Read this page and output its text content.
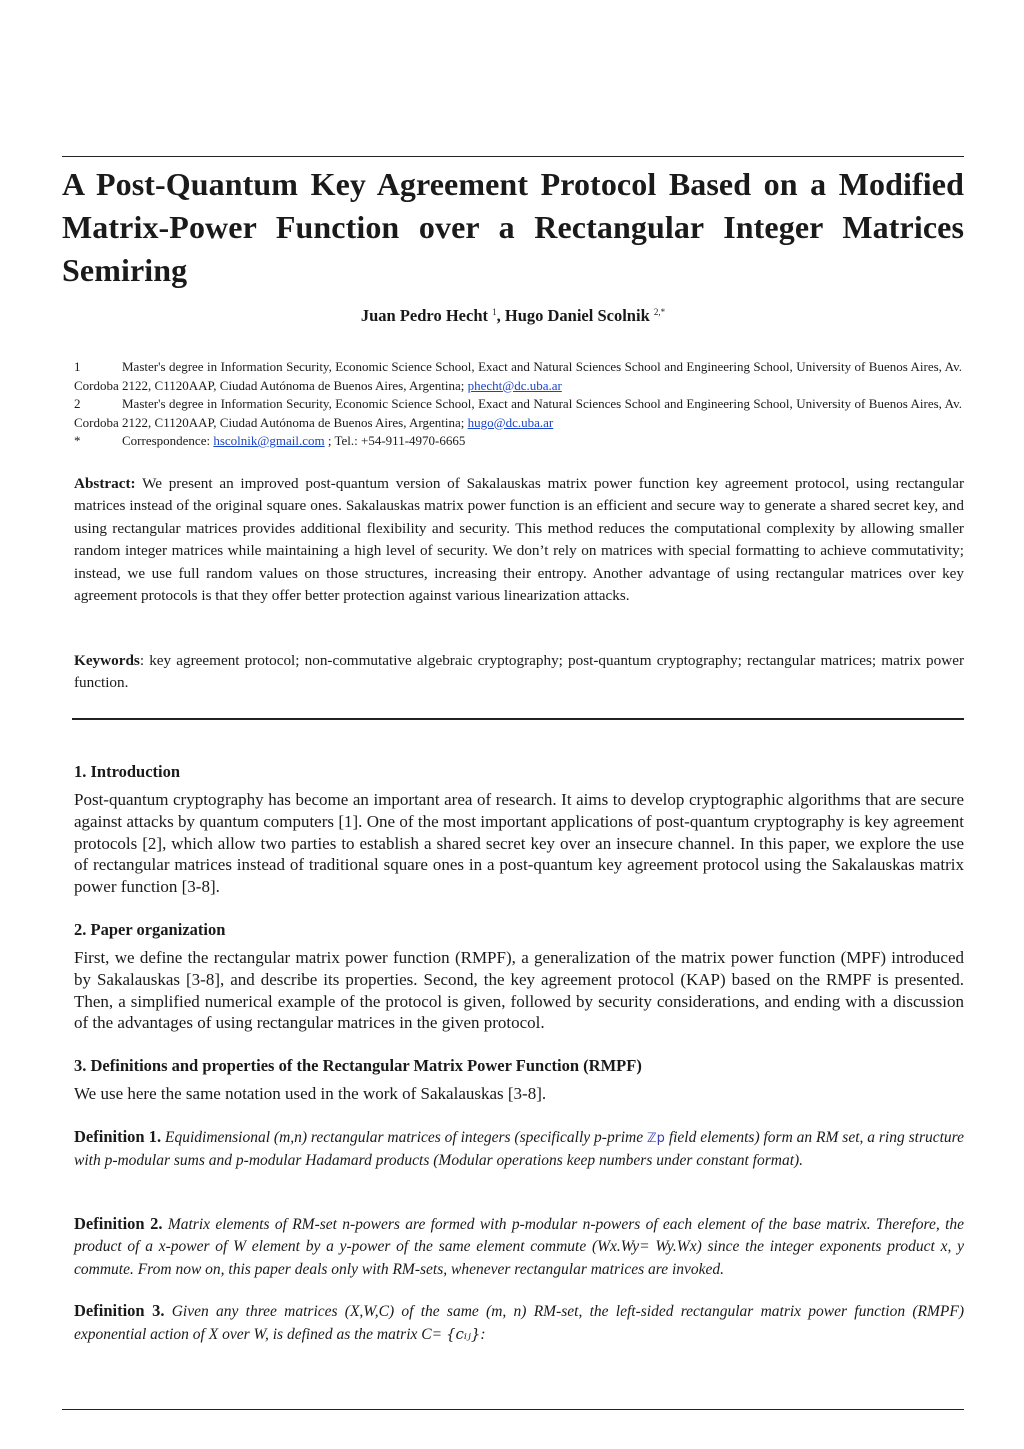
A Post-Quantum Key Agreement Protocol Based on a Modified Matrix-Power Function over a Rectangular Integer Matrices Semiring
Juan Pedro Hecht $^1$, Hugo Daniel Scolnik $^{2,*}$

1	Master's degree in Information Security, Economic Science School, Exact and Natural Sciences School and Engineering School, University of Buenos Aires, Av. Cordoba 2122, C1120AAP, Ciudad Autónoma de Buenos Aires, Argentina; phecht@dc.uba.ar

2	Master's degree in Information Security, Economic Science School, Exact and Natural Sciences School and Engineering School, University of Buenos Aires, Av. Cordoba 2122, C1120AAP, Ciudad Autónoma de Buenos Aires, Argentina; hugo@dc.uba.ar

*	Correspondence: hscolnik@gmail.com ; Tel.: +54-911-4970-6665

Abstract: We present an improved post-quantum version of Sakalauskas matrix power function key agreement protocol, using rectangular matrices instead of the original square ones. Sakalauskas matrix power function is an efficient and secure way to generate a shared secret key, and using rectangular matrices provides additional flexibility and security. This method reduces the computational complexity by allowing smaller random integer matrices while maintaining a high level of security. We don’t rely on matrices with special formatting to achieve commutativity; instead, we use full random values on those structures, increasing their entropy. Another advantage of using rectangular matrices over key agreement protocols is that they offer better protection against various linearization attacks.

Keywords: key agreement protocol; non-commutative algebraic cryptography; post-quantum cryptography; rectangular matrices; matrix power function.

1. Introduction

Post-quantum cryptography has become an important area of research. It aims to develop cryptographic algorithms that are secure against attacks by quantum computers [1]. One of the most important applications of post-quantum cryptography is key agreement protocols [2], which allow two parties to establish a shared secret key over an insecure channel. In this paper, we explore the use of rectangular matrices instead of traditional square ones in a post-quantum key agreement protocol using the Sakalauskas matrix power function [3-8].

2. Paper organization

First, we define the rectangular matrix power function (RMPF), a generalization of the matrix power function (MPF) introduced by Sakalauskas [3-8], and describe its properties. Second, the key agreement protocol (KAP) based on the RMPF is presented. Then, a simplified numerical example of the protocol is given, followed by security considerations, and ending with a discussion of the advantages of using rectangular matrices in the given protocol.

3. Definitions and properties of the Rectangular Matrix Power Function (RMPF)

We use here the same notation used in the work of Sakalauskas [3-8].

Definition 1. Equidimensional (m,n) rectangular matrices of integers (specifically p-prime ℤp field elements) form an RM set, a ring structure with p-modular sums and p-modular Hadamard products (Modular operations keep numbers under constant format).

Definition 2. Matrix elements of RM-set n-powers are formed with p-modular n-powers of each element of the base matrix. Therefore, the product of a x-power of W element by a y-power of the same element commute (Wx.Wy= Wy.Wx) since the integer exponents product x, y commute. From now on, this paper deals only with RM-sets, whenever rectangular matrices are invoked.

Definition 3. Given any three matrices (X,W,C) of the same (m, n) RM-set, the left-sided rectangular matrix power function (RMPF) exponential action of X over W, is defined as the matrix C= {cᵢⱼ}:
